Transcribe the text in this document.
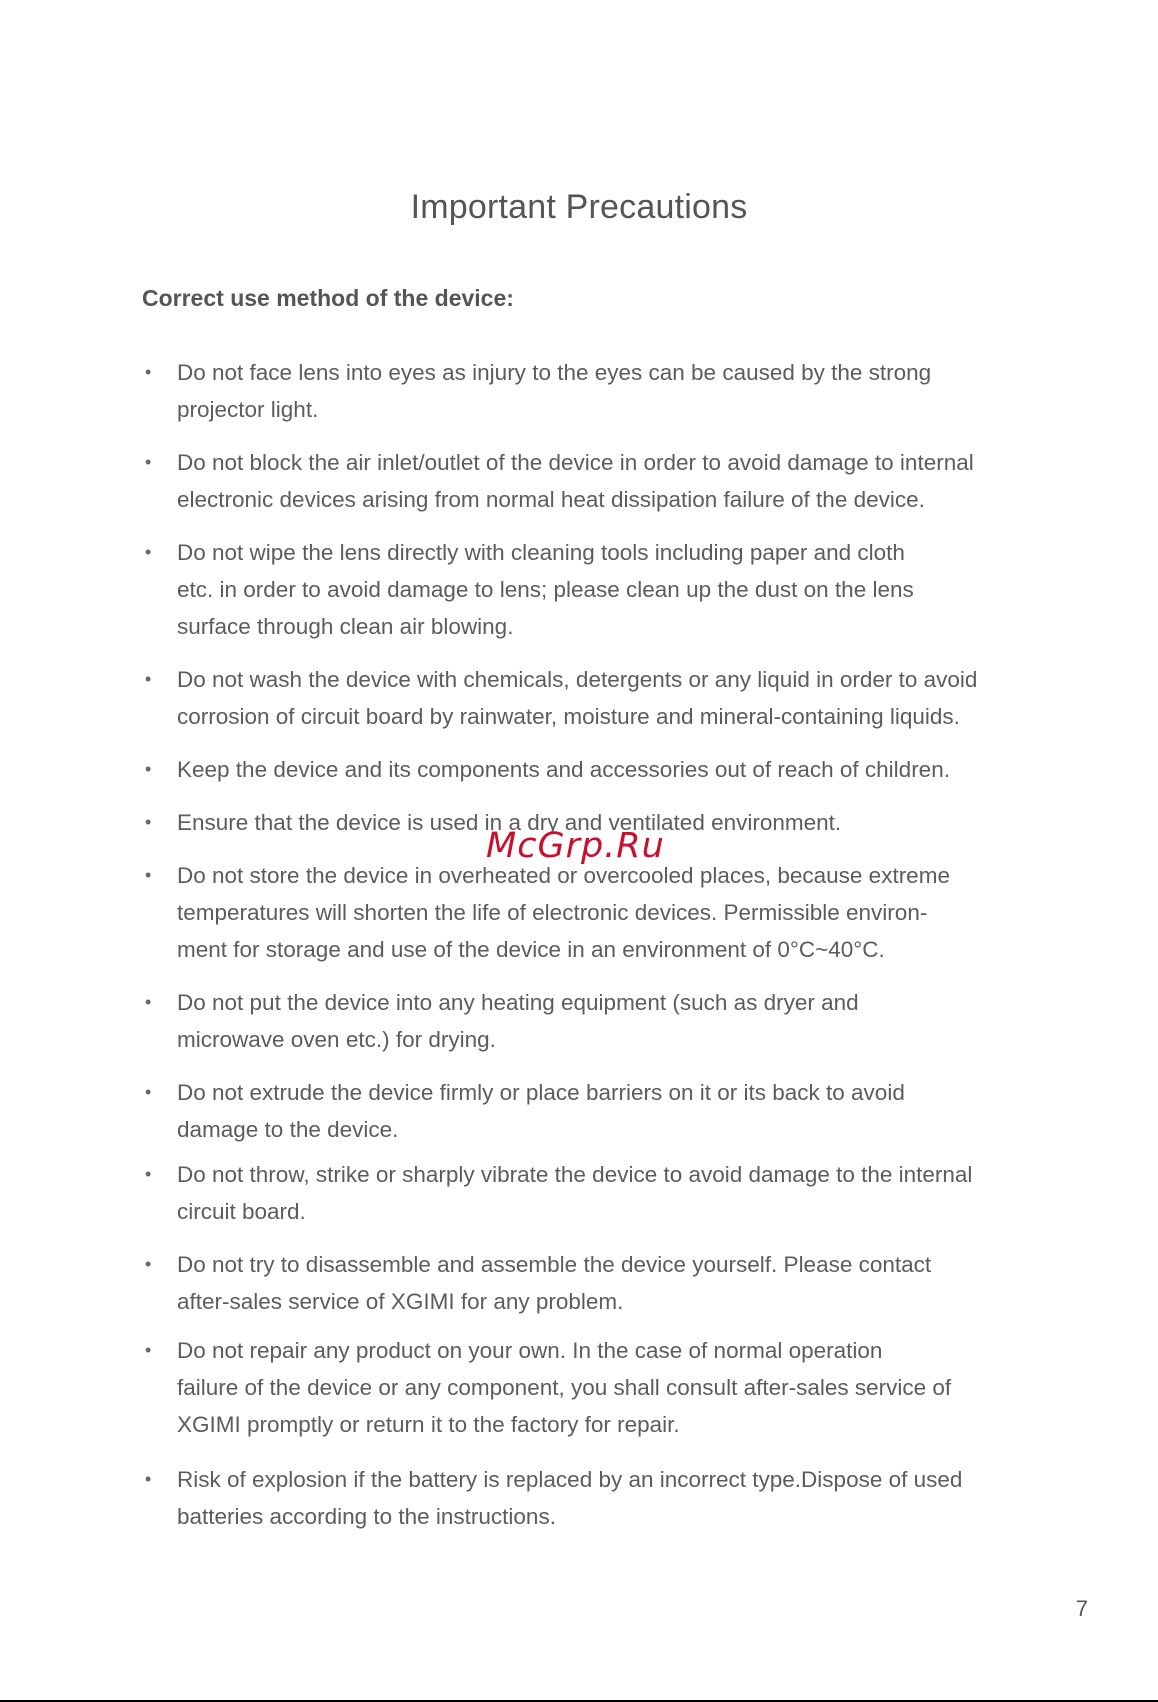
Important Precautions
Correct use method of the device:
• Do not face lens into eyes as injury to the eyes can be caused by the strong
projector light.
• Do not block the air inlet/outlet of the device in order to avoid damage to internal
electronic devices arising from normal heat dissipation failure of the device.
• Do not wipe the lens directly with cleaning tools including paper and cloth
etc. in order to avoid damage to lens; please clean up the dust on the lens
surface through clean air blowing.
• Do not wash the device with chemicals, detergents or any liquid in order to avoid
corrosion of circuit board by rainwater, moisture and mineral-containing liquids.
• Keep the device and its components and accessories out of reach of children.
• Ensure that the device is used in a dry and ventilated environment.
• Do not store the device in overheated or overcooled places, because extreme
temperatures will shorten the life of electronic devices. Permissible environ-
ment for storage and use of the device in an environment of 0°C~40°C.
• Do not put the device into any heating equipment (such as dryer and
microwave oven etc.) for drying.
• Do not extrude the device firmly or place barriers on it or its back to avoid
damage to the device.
• Do not throw, strike or sharply vibrate the device to avoid damage to the internal
circuit board.
• Do not try to disassemble and assemble the device yourself. Please contact
after-sales service of XGIMI for any problem.
• Do not repair any product on your own. In the case of normal operation
failure of the device or any component, you shall consult after-sales service of
XGIMI promptly or return it to the factory for repair.
• Risk of explosion if the battery is replaced by an incorrect type.Dispose of used
batteries according to the instructions.
McGrp.Ru
7
